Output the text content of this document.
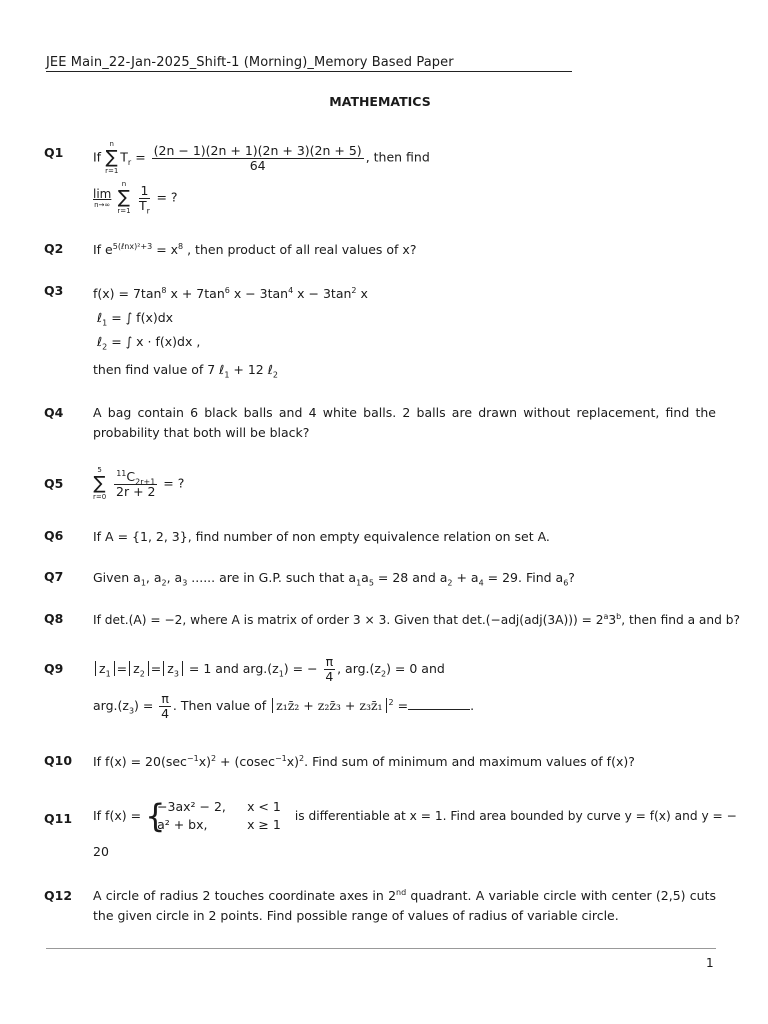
JEE Main_22-Jan-2025_Shift-1 (Morning)_Memory Based Paper
MATHEMATICS
Q1	If
n
∑
r=1
$T_r = \frac{(2n - 1)(2n + 1)(2n + 3)(2n + 5)}{64}$ , then find
lim
n→∞

n
∑
r=1
$\frac{1}{T_r}$ = ?
Q2	If $e^{5(\ell nx)^2+3} = x^8$ , then product of all real values of x?
Q3	$f(x) = 7\tan^8$ $x + 7\tan^6$ $x - 3\tan^4$ $x - 3\tan^2$ x
ℓ$_1$ = ∫ f(x)dx
ℓ$_2$ = ∫ x · f(x)dx ,
then find value of 7 ℓ$_1$ + 12 ℓ$_2$
Q4	A bag contain 6 black balls and 4 white balls. 2 balls are drawn without replacement, find the probability that both will be black?
Q5
5
∑
r=0
$\frac{^{11}C_{2r+1}}{2r + 2}$ = ?
Q6	If A = {1, 2, 3}, find number of non empty equivalence relation on set A.
Q7	Given $a_1$, $a_2$, $a_3$ ...... are in G.P. such that $a_1a_5 = 28$ and $a_2 + a_4 = 29$. Find $a_6$?
Q8	If det.(A) = −2, where A is matrix of order 3 × 3. Given that $\det.(-adj(adj(3A))) = 2^a3^b$, then find a and b?
Q9	$z_1 = z_2 = z_3 = 1$ and $arg.(z_1)$ = − $\frac{\pi}{4}$ , $arg.(z_2) = 0$ and
$arg.(z_3) = \frac{\pi}{4}$ . Then value of z₁z̄₂ + z₂z̄₃ + z₃z̄₁ $^2$ =	.
Q10	If $f(x) = 20(\sec^{-1}x)^2 + (cosec^{-1}x)^2$. Find sum of minimum and maximum values of f(x)?
Q11	If f(x) = {
−3ax² − 2, x < 1
a² + bx,	x ≥ 1
is differentiable at x = 1. Find area bounded by curve y = f(x) and y = −
20
Q12	A circle of radius 2 touches coordinate axes in 2nd quadrant. A variable circle with center (2,5) cuts the given circle in 2 points. Find possible range of values of radius of variable circle.
1
